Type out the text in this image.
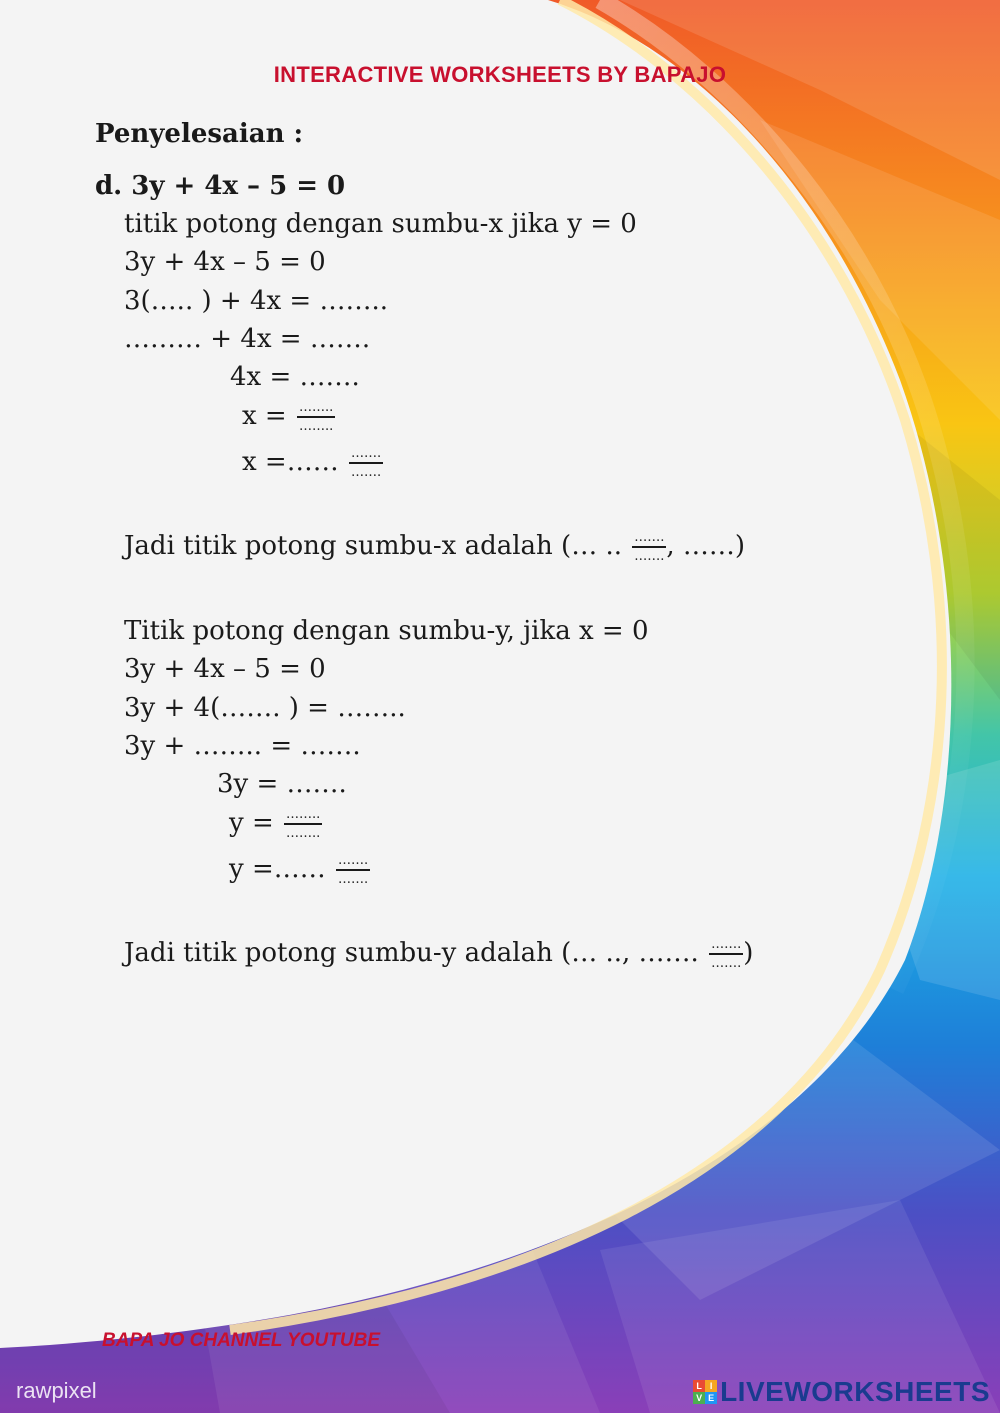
INTERACTIVE WORKSHEETS BY BAPAJO
Penyelesaian :
d. 3y + 4x – 5 = 0
titik potong dengan sumbu-x jika y = 0
3y + 4x – 5 = 0
3(….. ) + 4x = ……..
……… + 4x = …….
4x = …….
$x = \frac{\dots\dots..}{\dots\dots..}$
x =…… $\frac{\dots\dots.}{\dots\dots.}$
Jadi titik potong sumbu-x adalah (… .. $\frac{\dots\dots.}{\dots\dots.}$ , ……)
Titik potong dengan sumbu-y, jika x = 0
3y + 4x – 5 = 0
3y + 4(……. ) = ……..
3y + …….. = …….
3y = …….
$y = \frac{\dots\dots..}{\dots\dots..}$
y =…… $\frac{\dots\dots.}{\dots\dots.}$
Jadi titik potong sumbu-y adalah (… .., ……. $\frac{\dots\dots.}{\dots\dots.}$ )
BAPA JO CHANNEL YOUTUBE
rawpixel	L I
V E LIVEWORKSHEETS
